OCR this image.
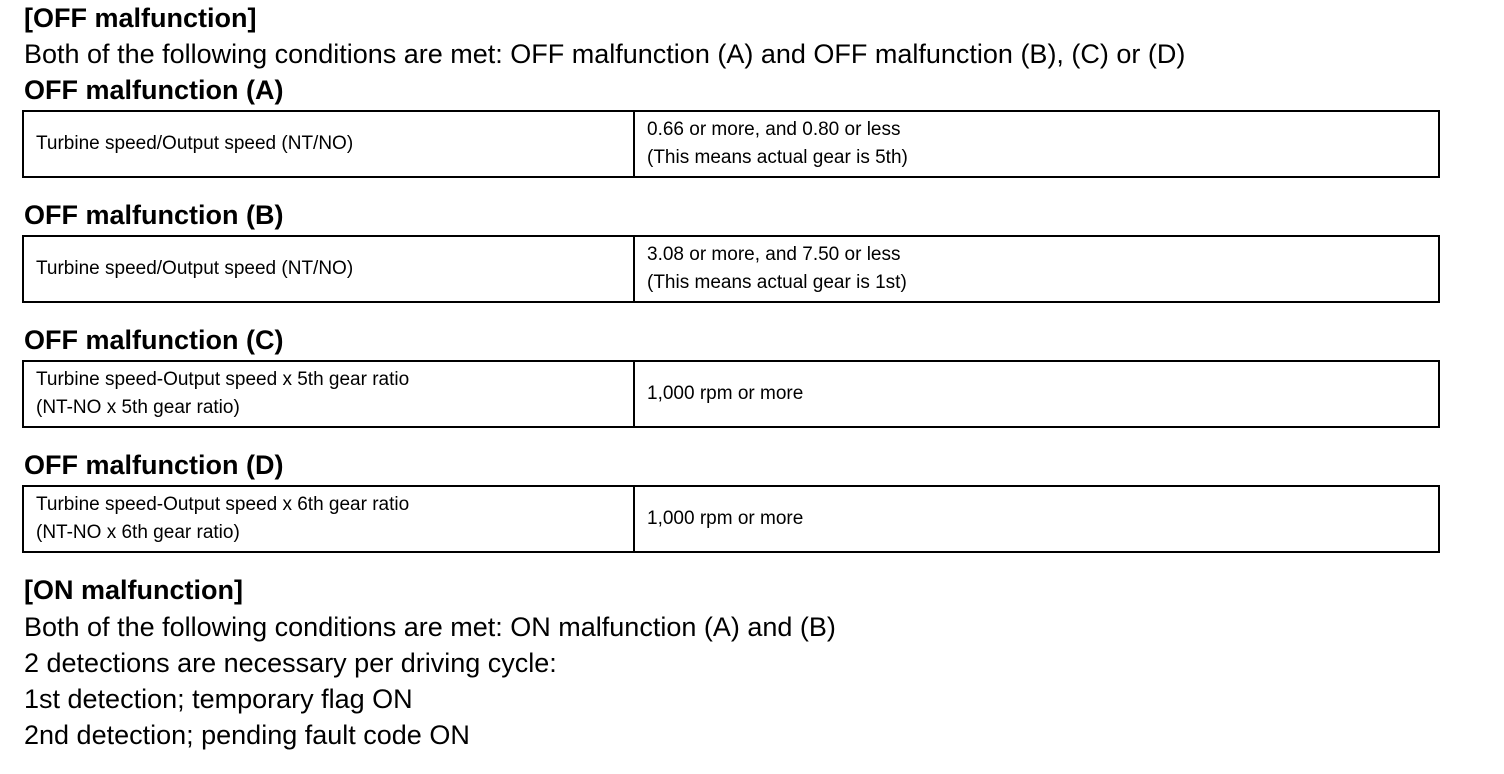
[OFF malfunction]
Both of the following conditions are met: OFF malfunction (A) and OFF malfunction (B), (C) or (D)
OFF malfunction (A)
Turbine speed/Output speed (NT/NO)	0.66 or more, and 0.80 or less
(This means actual gear is 5th)
OFF malfunction (B)
Turbine speed/Output speed (NT/NO)	3.08 or more, and 7.50 or less
(This means actual gear is 1st)
OFF malfunction (C)
Turbine speed-Output speed x 5th gear ratio
(NT-NO x 5th gear ratio)	1,000 rpm or more
OFF malfunction (D)
Turbine speed-Output speed x 6th gear ratio
(NT-NO x 6th gear ratio)	1,000 rpm or more
[ON malfunction]
Both of the following conditions are met: ON malfunction (A) and (B)
2 detections are necessary per driving cycle:
1st detection; temporary flag ON
2nd detection; pending fault code ON
